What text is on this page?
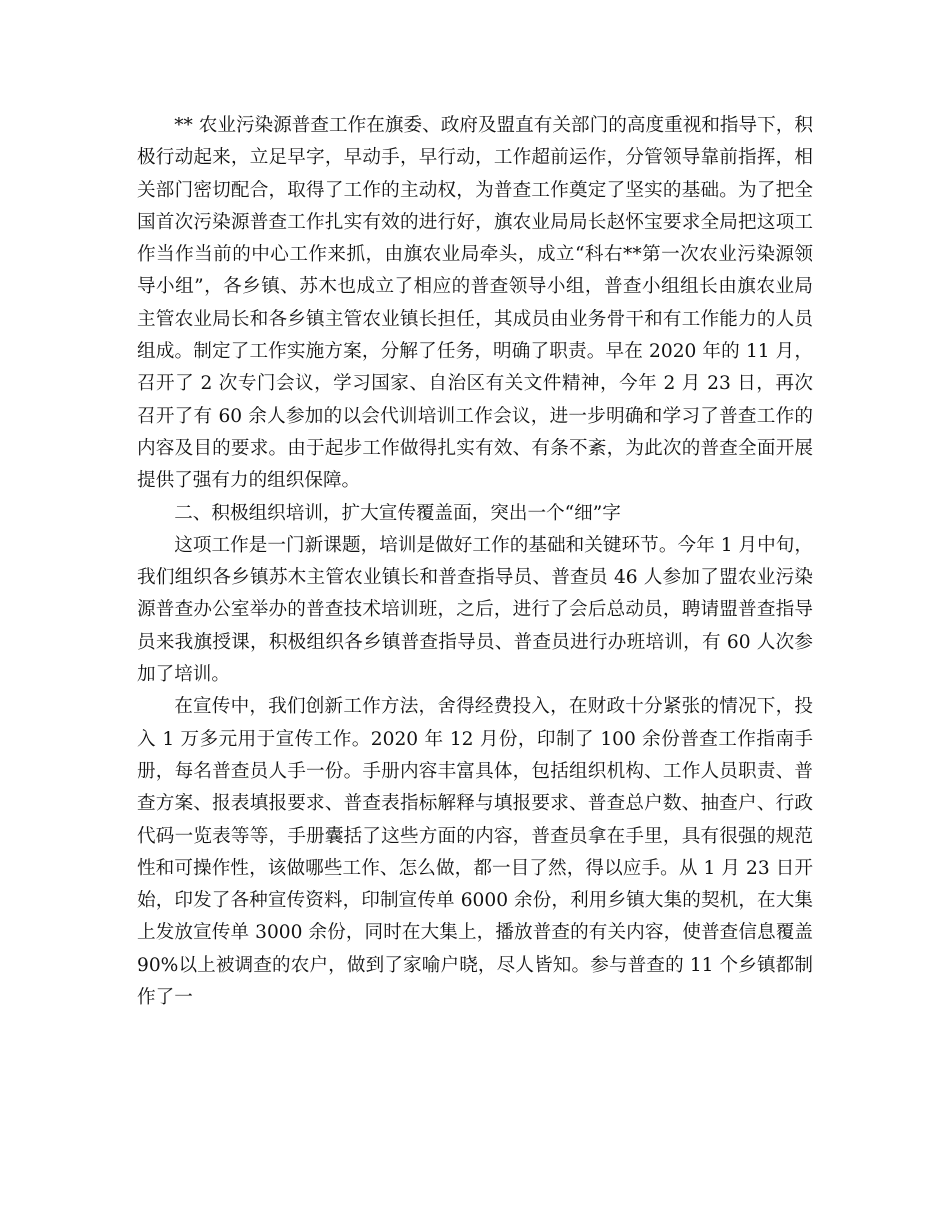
** 农业污染源普查工作在旗委、政府及盟直有关部门的高度重视和指导下，积极行动起来，立足早字，早动手，早行动，工作超前运作，分管领导靠前指挥，相关部门密切配合，取得了工作的主动权，为普查工作奠定了坚实的基础。为了把全国首次污染源普查工作扎实有效的进行好，旗农业局局长赵怀宝要求全局把这项工作当作当前的中心工作来抓，由旗农业局牵头，成立“科右**第一次农业污染源领导小组”，各乡镇、苏木也成立了相应的普查领导小组，普查小组组长由旗农业局主管农业局长和各乡镇主管农业镇长担任，其成员由业务骨干和有工作能力的人员组成。制定了工作实施方案，分解了任务，明确了职责。早在 2020 年的 11 月，召开了 2 次专门会议，学习国家、自治区有关文件精神，今年 2 月 23 日，再次召开了有 60 余人参加的以会代训培训工作会议，进一步明确和学习了普查工作的内容及目的要求。由于起步工作做得扎实有效、有条不紊，为此次的普查全面开展提供了强有力的组织保障。

二、积极组织培训，扩大宣传覆盖面，突出一个“细”字

这项工作是一门新课题，培训是做好工作的基础和关键环节。今年 1 月中旬，我们组织各乡镇苏木主管农业镇长和普查指导员、普查员 46 人参加了盟农业污染源普查办公室举办的普查技术培训班，之后，进行了会后总动员，聘请盟普查指导员来我旗授课，积极组织各乡镇普查指导员、普查员进行办班培训，有 60 人次参加了培训。

在宣传中，我们创新工作方法，舍得经费投入，在财政十分紧张的情况下，投入 1 万多元用于宣传工作。2020 年 12 月份，印制了 100 余份普查工作指南手册，每名普查员人手一份。手册内容丰富具体，包括组织机构、工作人员职责、普查方案、报表填报要求、普查表指标解释与填报要求、普查总户数、抽查户、行政代码一览表等等，手册囊括了这些方面的内容，普查员拿在手里，具有很强的规范性和可操作性，该做哪些工作、怎么做，都一目了然，得以应手。从 1 月 23 日开始，印发了各种宣传资料，印制宣传单 6000 余份，利用乡镇大集的契机，在大集上发放宣传单 3000 余份，同时在大集上，播放普查的有关内容，使普查信息覆盖 90%以上被调查的农户，做到了家喻户晓，尽人皆知。参与普查的 11 个乡镇都制作了一
